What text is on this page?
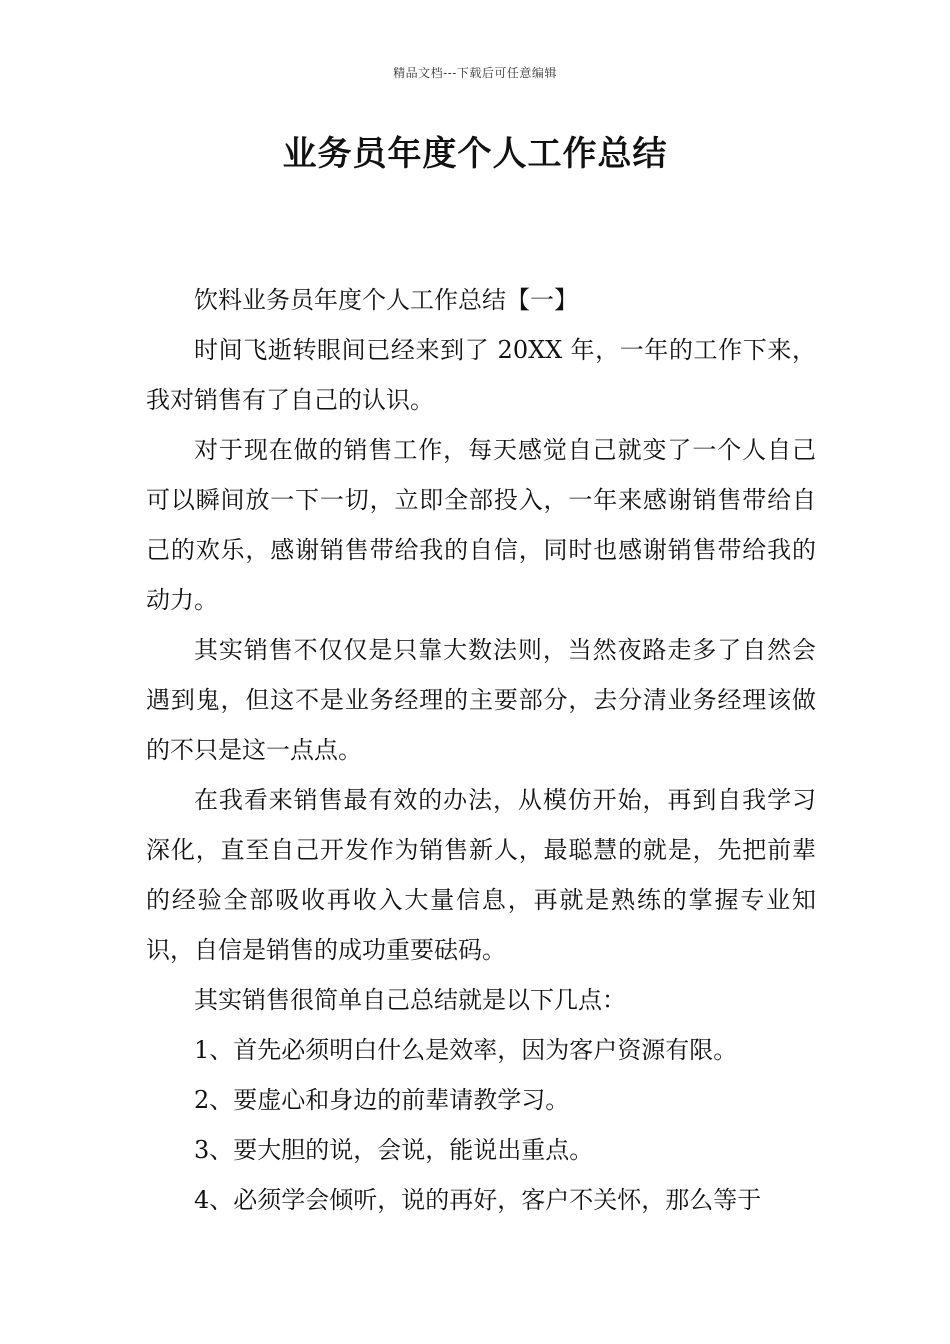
精品文档---下载后可任意编辑
业务员年度个人工作总结

饮料业务员年度个人工作总结【一】

时间飞逝转眼间已经来到了 20XX 年，一年的工作下来，我对销售有了自己的认识。

对于现在做的销售工作，每天感觉自己就变了一个人自己可以瞬间放一下一切，立即全部投入，一年来感谢销售带给自己的欢乐，感谢销售带给我的自信，同时也感谢销售带给我的动力。

其实销售不仅仅是只靠大数法则，当然夜路走多了自然会遇到鬼，但这不是业务经理的主要部分，去分清业务经理该做的不只是这一点点。

在我看来销售最有效的办法，从模仿开始，再到自我学习深化，直至自己开发作为销售新人，最聪慧的就是，先把前辈的经验全部吸收再收入大量信息，再就是熟练的掌握专业知识，自信是销售的成功重要砝码。

其实销售很简单自己总结就是以下几点：

1、首先必须明白什么是效率，因为客户资源有限。

2、要虚心和身边的前辈请教学习。

3、要大胆的说，会说，能说出重点。

4、必须学会倾听，说的再好，客户不关怀，那么等于
